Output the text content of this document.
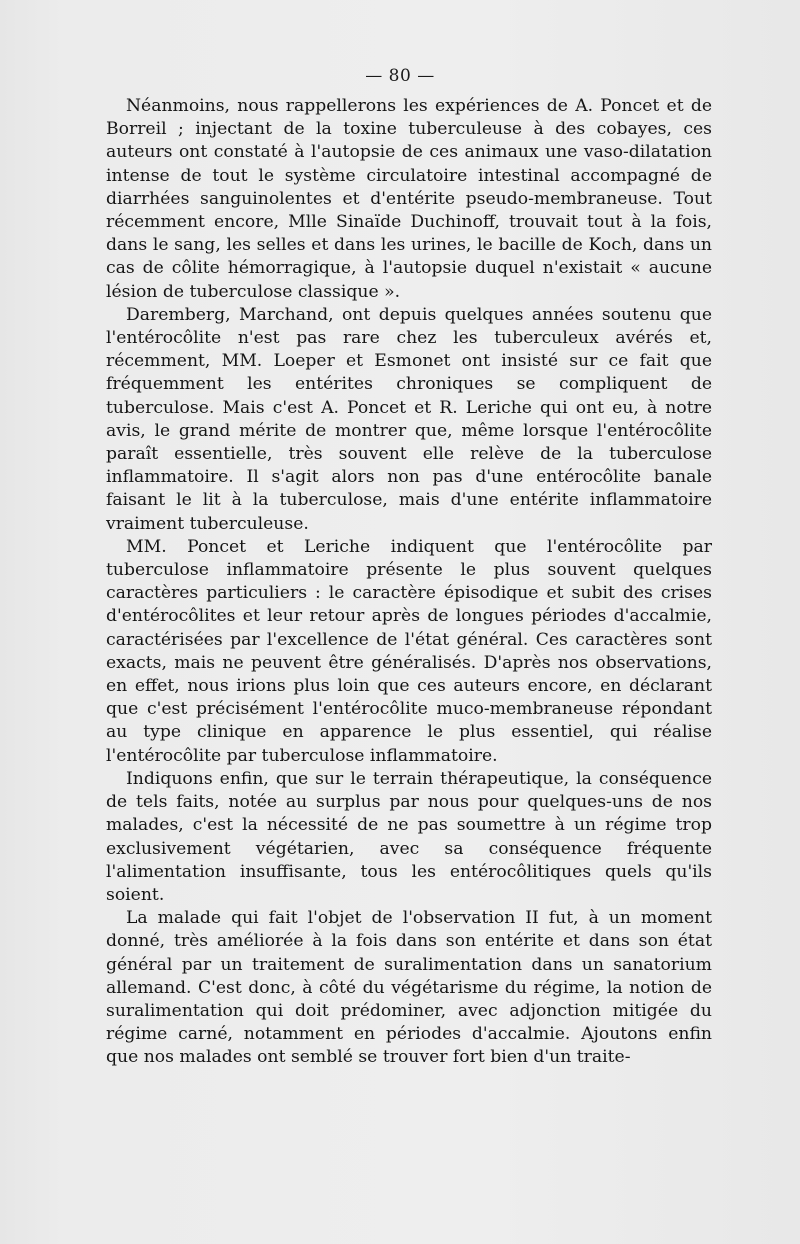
— 80 —

Néanmoins, nous rappellerons les expériences de A. Poncet et de Borreil ; injectant de la toxine tuberculeuse à des cobayes, ces auteurs ont constaté à l'autopsie de ces animaux une vaso-dilatation intense de tout le système circulatoire intestinal accompagné de diarrhées sanguinolentes et d'entérite pseudo-membraneuse. Tout récemment encore, Mlle Sinaïde Duchinoff, trouvait tout à la fois, dans le sang, les selles et dans les urines, le bacille de Koch, dans un cas de côlite hémorragique, à l'autopsie duquel n'existait « aucune lésion de tuberculose classique ».

Daremberg, Marchand, ont depuis quelques années soutenu que l'entérocôlite n'est pas rare chez les tuberculeux avérés et, récemment, MM. Loeper et Esmonet ont insisté sur ce fait que fréquemment les entérites chroniques se compliquent de tuberculose. Mais c'est A. Poncet et R. Leriche qui ont eu, à notre avis, le grand mérite de montrer que, même lorsque l'entérocôlite paraît essentielle, très souvent elle relève de la tuberculose inflammatoire. Il s'agit alors non pas d'une entérocôlite banale faisant le lit à la tuberculose, mais d'une entérite inflammatoire vraiment tuberculeuse.

MM. Poncet et Leriche indiquent que l'entérocôlite par tuberculose inflammatoire présente le plus souvent quelques caractères particuliers : le caractère épisodique et subit des crises d'entérocôlites et leur retour après de longues périodes d'accalmie, caractérisées par l'excellence de l'état général. Ces caractères sont exacts, mais ne peuvent être généralisés. D'après nos observations, en effet, nous irions plus loin que ces auteurs encore, en déclarant que c'est précisément l'entérocôlite muco-membraneuse répondant au type clinique en apparence le plus essentiel, qui réalise l'entérocôlite par tuberculose inflammatoire.

Indiquons enfin, que sur le terrain thérapeutique, la conséquence de tels faits, notée au surplus par nous pour quelques-uns de nos malades, c'est la nécessité de ne pas soumettre à un régime trop exclusivement végétarien, avec sa conséquence fréquente l'alimentation insuffisante, tous les entérocôlitiques quels qu'ils soient.

La malade qui fait l'objet de l'observation II fut, à un moment donné, très améliorée à la fois dans son entérite et dans son état général par un traitement de suralimentation dans un sanatorium allemand. C'est donc, à côté du végétarisme du régime, la notion de suralimentation qui doit prédominer, avec adjonction mitigée du régime carné, notamment en périodes d'accalmie. Ajoutons enfin que nos malades ont semblé se trouver fort bien d'un traite-
